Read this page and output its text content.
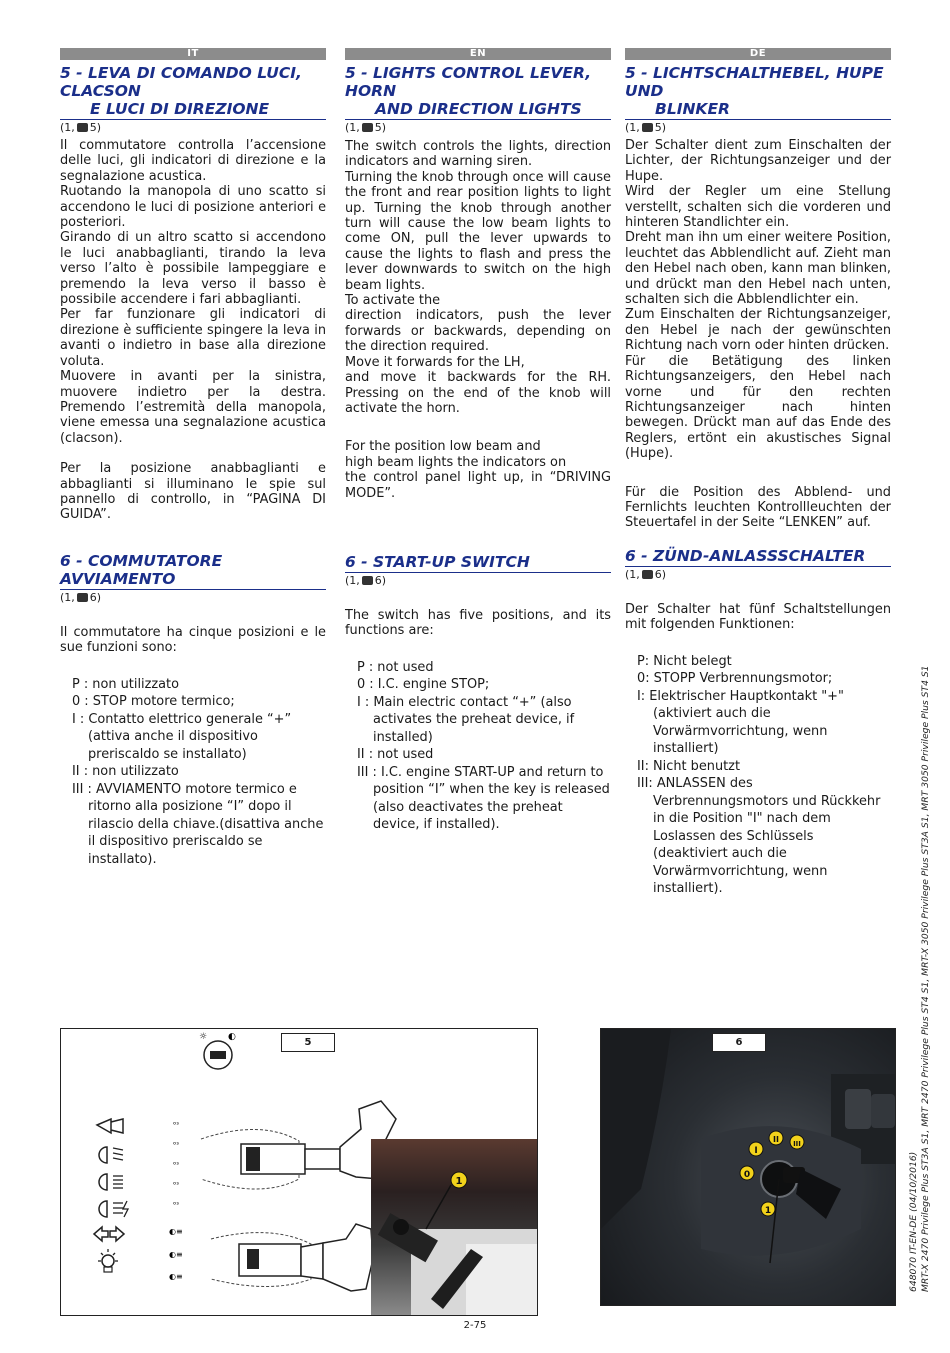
IT
5 - LEVA DI COMANDO LUCI, CLACSON
E LUCI DI DIREZIONE
(1, 5)

Il commutatore controlla l’accensione delle luci, gli indicatori di direzione e la segnalazione acustica.

Ruotando la manopola di uno scatto si accendono le luci di posizione anteriori e posteriori.

Girando di un altro scatto si accendono le luci anabbaglianti, tirando la leva verso l’alto è possibile lampeggiare e premendo la leva verso il basso è possibile accendere i fari abbaglianti.

Per far funzionare gli indicatori di direzione è sufficiente spingere la leva in avanti o indietro in base alla direzione voluta.

Muovere in avanti per la sinistra, muovere indietro per la destra. Premendo l’estremità della manopola, viene emessa una segnalazione acustica (clacson).

Per la posizione anabbaglianti e abbaglianti si illuminano le spie sul pannello di controllo, in “PAGINA DI GUIDA”.

6 - COMMUTATORE AVVIAMENTO
(1, 6)
Il commutatore ha cinque posizioni e le sue funzioni sono:
P : non utilizzato
0 : STOP motore termico;
I : Contatto elettrico generale “+” (attiva anche il dispositivo preriscaldo se installato)
II : non utilizzato
III : AVVIAMENTO motore termico e ritorno alla posizione “I” dopo il rilascio della chiave.(disattiva anche il dispositivo preriscaldo se installato).
EN
5 - LIGHTS CONTROL LEVER, HORN
AND DIRECTION LIGHTS
(1, 5)

The switch controls the lights, direction indicators and warning siren.

Turning the knob through once will cause the front and rear position lights to light up. Turning the knob through another turn will cause the low beam lights to come ON, pull the lever upwards to cause the lights to flash and press the lever downwards to switch on the high beam lights.

To activate the

direction indicators, push the lever forwards or backwards, depending on the direction required.

Move it forwards for the LH,

and move it backwards for the RH. Pressing on the end of the knob will activate the horn.

For the position low beam and

high beam lights the indicators on

the control panel light up, in “DRIVING MODE”.

6 - START-UP SWITCH
(1, 6)
The switch has five positions, and its functions are:
P : not used
0 : I.C. engine STOP;
I : Main electric contact “+” (also activates the preheat device, if installed)
II : not used
III : I.C. engine START-UP and return to position “I” when the key is released (also deactivates the preheat device, if installed).
DE
5 - LICHTSCHALTHEBEL, HUPE UND
BLINKER
(1, 5)

Der Schalter dient zum Einschalten der Lichter, der Richtungsanzeiger und der Hupe.

Wird der Regler um eine Stellung verstellt, schalten sich die vorderen und hinteren Standlichter ein.

Dreht man ihn um einer weitere Position, leuchtet das Abblendlicht auf. Zieht man den Hebel nach oben, kann man blinken, und drückt man den Hebel nach unten, schalten sich die Abblendlichter ein.

Zum Einschalten der Richtungsanzeiger, den Hebel je nach der gewünschten Richtung nach vorn oder hinten drücken.

Für die Betätigung des linken Richtungsanzeigers, den Hebel nach vorne und für den rechten Richtungsanzeiger nach hinten bewegen. Drückt man auf das Ende des Reglers, ertönt ein akustisches Signal (Hupe).

Für die Position des Abblend- und Fernlichts leuchten Kontrollleuchten der Steuertafel in der Seite “LENKEN” auf.

6 - ZÜND-ANLASSSCHALTER
(1, 6)
Der Schalter hat fünf Schaltstellungen mit folgenden Funktionen:
P: Nicht belegt
0: STOPP Verbrennungsmotor;
I: Elektrischer Hauptkontakt "+" (aktiviert auch die Vorwärmvorrichtung, wenn installiert)
II: Nicht benutzt
III: ANLASSEN des Verbrennungsmotors und Rückkehr in die Position "I" nach dem Loslassen des Schlüssels (deaktiviert auch die Vorwärmvorrichtung, wenn installiert).
5
☼ ◐
ᵒˢ
ᵒˢ
ᵒˢ
ᵒˢ
ᵒˢ
◐≡
◐≡
◐≡
1
6
I
II III
0
1
2-75
648070 IT-EN-DE (04/10/2016) MRT-X 2470 Privilege Plus ST3A S1, MRT 2470 Privilege Plus ST4 S1, MRT-X 3050 Privilege Plus ST3A S1, MRT 3050 Privilege Plus ST4 S1
